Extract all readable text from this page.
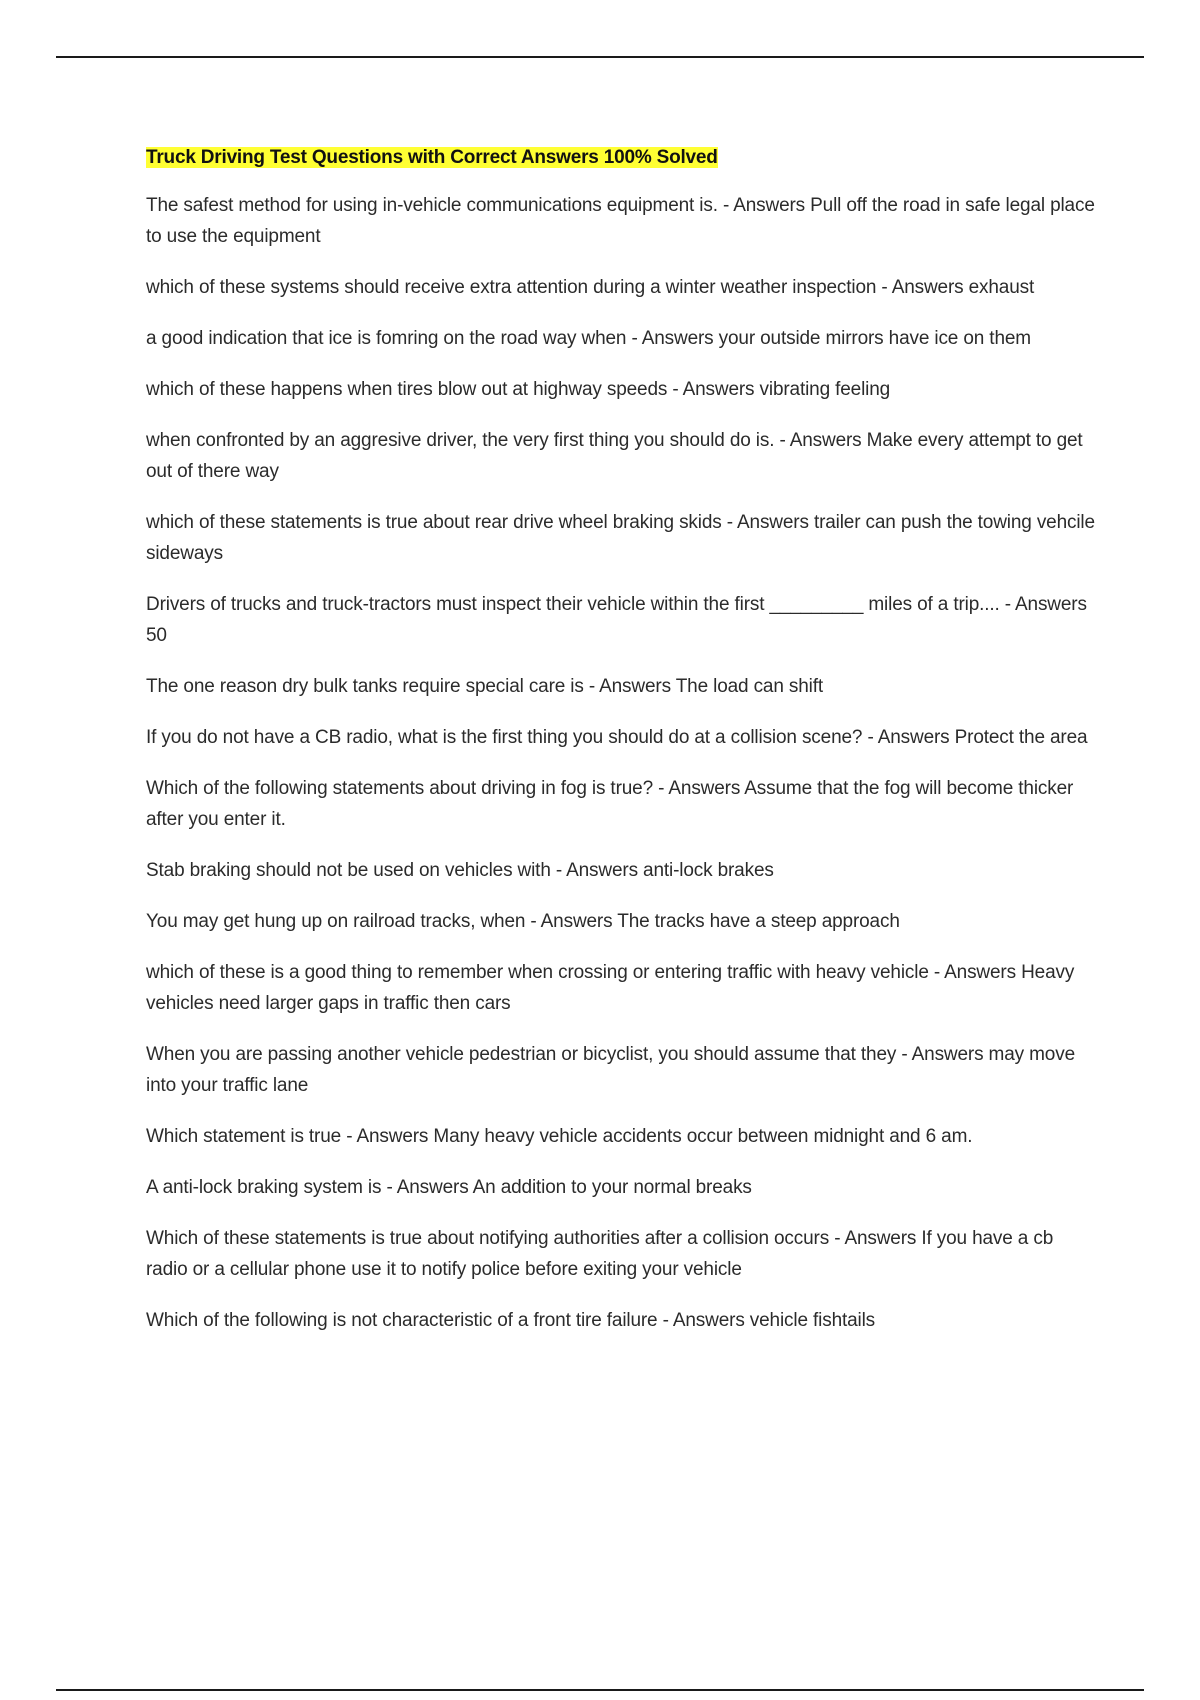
Truck Driving Test Questions with Correct Answers 100% Solved
The safest method for using in-vehicle communications equipment is. - Answers Pull off the road in safe legal place to use the equipment
which of these systems should receive extra attention during a winter weather inspection - Answers exhaust
a good indication that ice is fomring on the road way when - Answers your outside mirrors have ice on them
which of these happens when tires blow out at highway speeds - Answers vibrating feeling
when confronted by an aggresive driver, the very first thing you should do is. - Answers Make every attempt to get out of there way
which of these statements is true about rear drive wheel braking skids - Answers trailer can push the towing vehcile sideways
Drivers of trucks and truck-tractors must inspect their vehicle within the first _________ miles of a trip.... - Answers 50
The one reason dry bulk tanks require special care is - Answers The load can shift
If you do not have a CB radio, what is the first thing you should do at a collision scene? - Answers Protect the area
Which of the following statements about driving in fog is true? - Answers Assume that the fog will become thicker after you enter it.
Stab braking should not be used on vehicles with - Answers anti-lock brakes
You may get hung up on railroad tracks, when - Answers The tracks have a steep approach
which of these is a good thing to remember when crossing or entering traffic with heavy vehicle - Answers Heavy vehicles need larger gaps in traffic then cars
When you are passing another vehicle pedestrian or bicyclist, you should assume that they - Answers may move into your traffic lane
Which statement is true - Answers Many heavy vehicle accidents occur between midnight and 6 am.
A anti-lock braking system is - Answers An addition to your normal breaks
Which of these statements is true about notifying authorities after a collision occurs - Answers If you have a cb radio or a cellular phone use it to notify police before exiting your vehicle
Which of the following is not characteristic of a front tire failure - Answers vehicle fishtails
